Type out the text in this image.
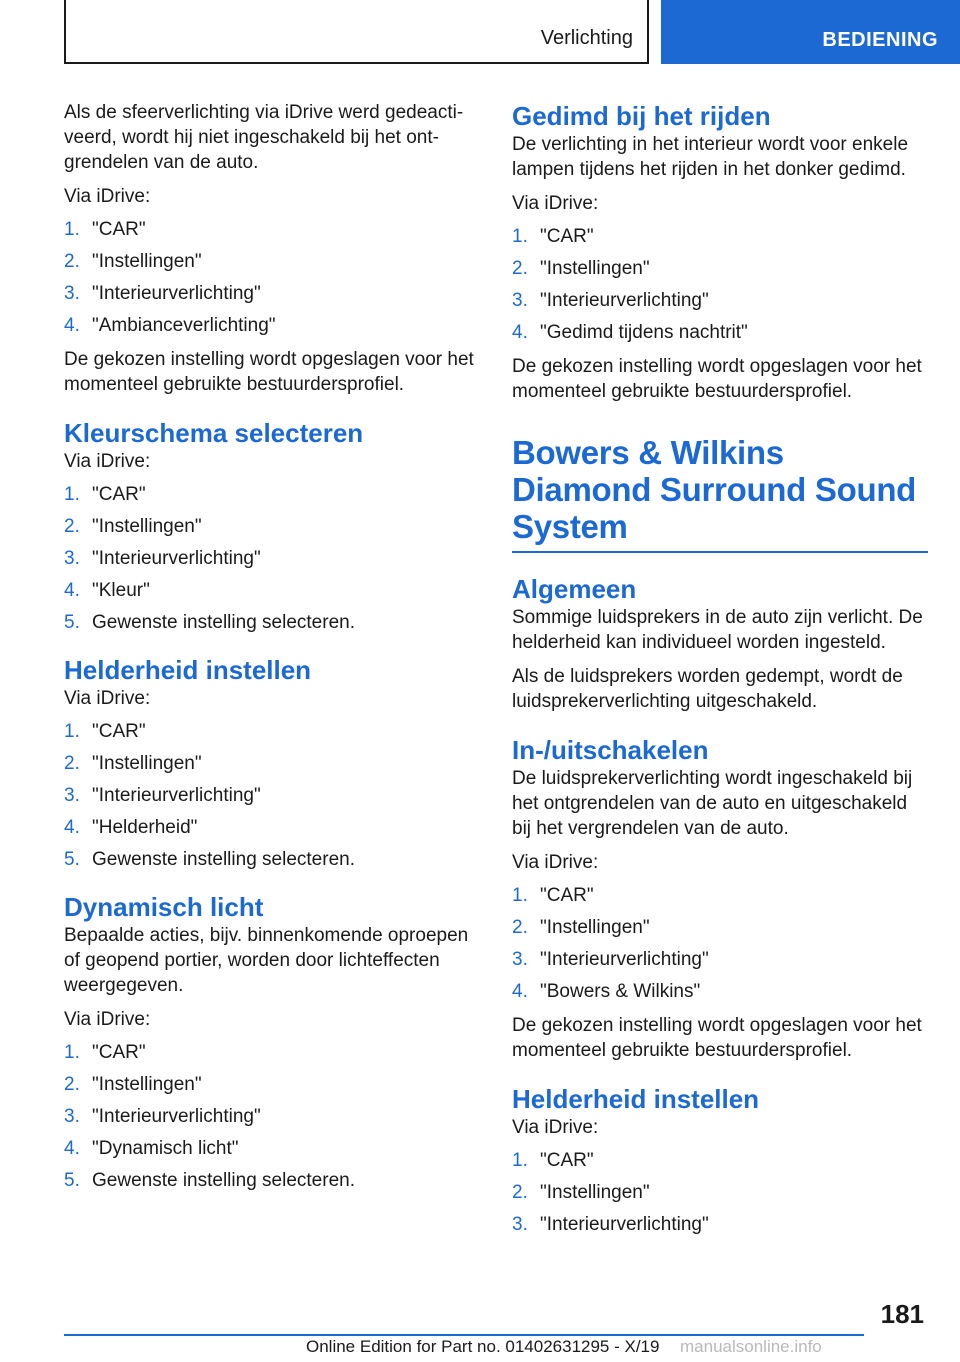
Verlichting	BEDIENING

Als de sfeerverlichting via iDrive werd gedeacti-veerd, wordt hij niet ingeschakeld bij het ont-grendelen van de auto.

Via iDrive:

1. "CAR"
2. "Instellingen"
3. "Interieurverlichting"
4. "Ambianceverlichting"

De gekozen instelling wordt opgeslagen voor het momenteel gebruikte bestuurdersprofiel.

Kleurschema selecteren

Via iDrive:

1. "CAR"
2. "Instellingen"
3. "Interieurverlichting"
4. "Kleur"
5. Gewenste instelling selecteren.
Helderheid instellen

Via iDrive:

1. "CAR"
2. "Instellingen"
3. "Interieurverlichting"
4. "Helderheid"
5. Gewenste instelling selecteren.
Dynamisch licht

Bepaalde acties, bijv. binnenkomende oproepen of geopend portier, worden door lichteffecten weergegeven.

Via iDrive:

1. "CAR"
2. "Instellingen"
3. "Interieurverlichting"
4. "Dynamisch licht"
5. Gewenste instelling selecteren.
Gedimd bij het rijden

De verlichting in het interieur wordt voor enkele lampen tijdens het rijden in het donker gedimd.

Via iDrive:

1. "CAR"
2. "Instellingen"
3. "Interieurverlichting"
4. "Gedimd tijdens nachtrit"

De gekozen instelling wordt opgeslagen voor het momenteel gebruikte bestuurdersprofiel.

Bowers & Wilkins Diamond Surround Sound System
Algemeen

Sommige luidsprekers in de auto zijn verlicht. De helderheid kan individueel worden ingesteld.

Als de luidsprekers worden gedempt, wordt de luidsprekerverlichting uitgeschakeld.

In-/uitschakelen

De luidsprekerverlichting wordt ingeschakeld bij het ontgrendelen van de auto en uitgeschakeld bij het vergrendelen van de auto.

Via iDrive:

1. "CAR"
2. "Instellingen"
3. "Interieurverlichting"
4. "Bowers & Wilkins"

De gekozen instelling wordt opgeslagen voor het momenteel gebruikte bestuurdersprofiel.

Helderheid instellen

Via iDrive:

1. "CAR"
2. "Instellingen"
3. "Interieurverlichting"
181
Online Edition for Part no. 01402631295 - X/19 manualsonline.info
